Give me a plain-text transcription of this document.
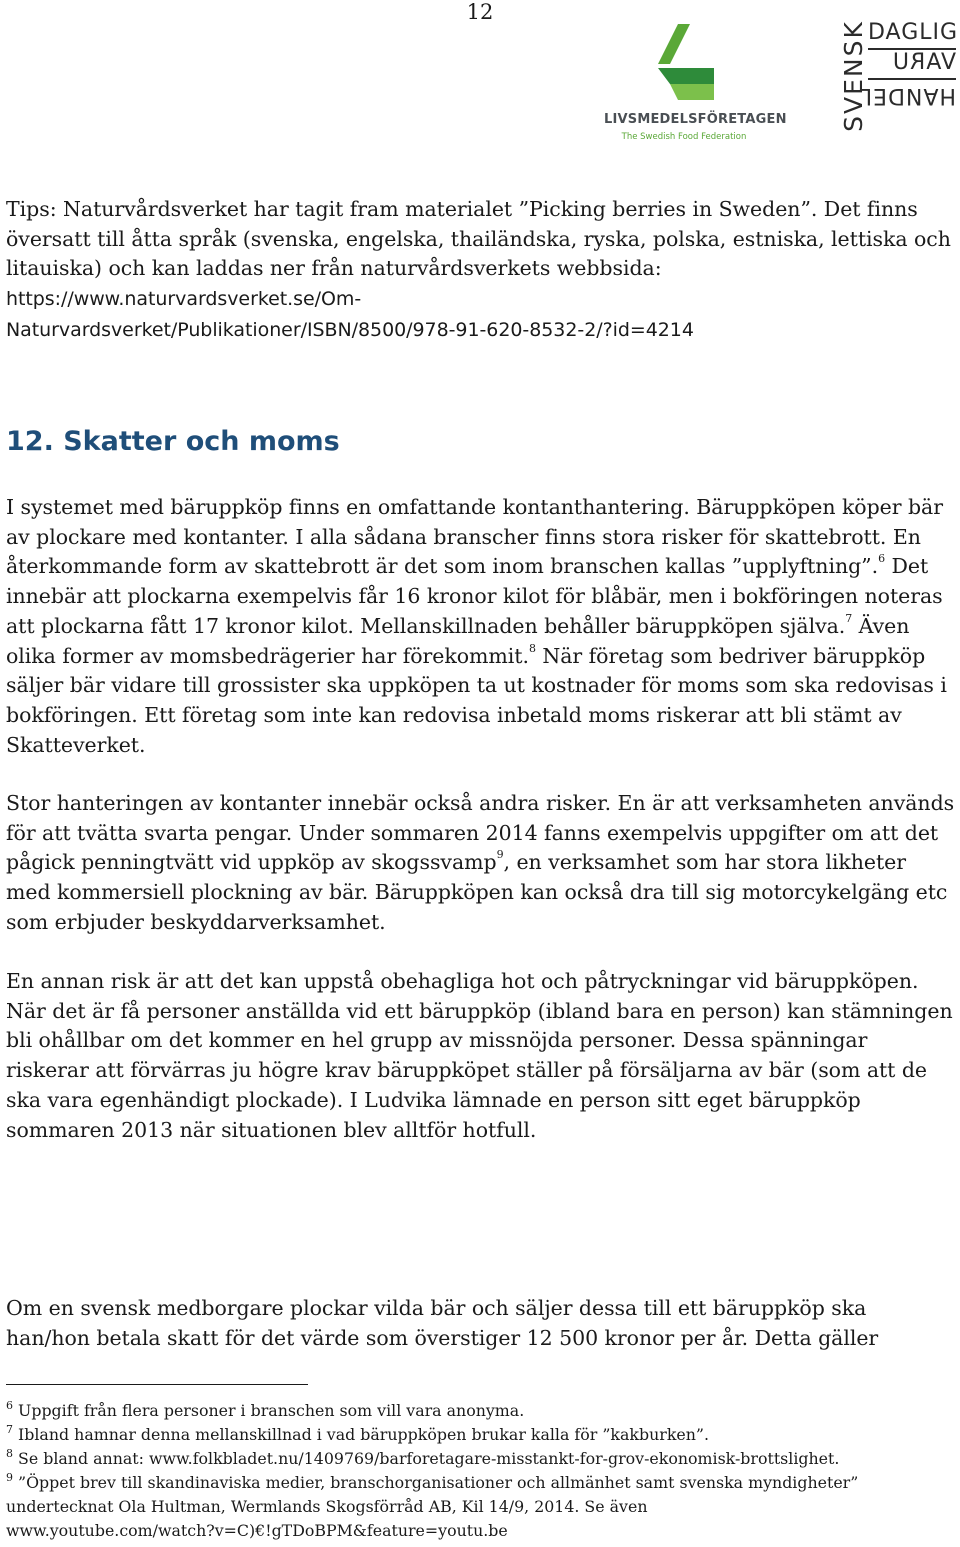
12
LIVSMEDELSFÖRETAGEN
The Swedish Food Federation
SVENSK DAGLIG
VARU
HANDEL

Tips: Naturvårdsverket har tagit fram materialet ”Picking berries in Sweden”. Det finns översatt till åtta språk (svenska, engelska, thailändska, ryska, polska, estniska, lettiska och litauiska) och kan laddas ner från naturvårdsverkets webbsida: https://www.naturvardsverket.se/Om-
Naturvardsverket/Publikationer/ISBN/8500/978-91-620-8532-2/?id=4214

12. Skatter och moms

I systemet med bäruppköp finns en omfattande kontanthantering. Bäruppköpen köper bär av plockare med kontanter. I alla sådana branscher finns stora risker för skattebrott. En återkommande form av skattebrott är det som inom branschen kallas ”upplyftning”.$^6$ Det innebär att plockarna exempelvis får 16 kronor kilot för blåbär, men i bokföringen noteras att plockarna fått 17 kronor kilot. Mellanskillnaden behåller bäruppköpen själva.$^7$ Även olika former av momsbedrägerier har förekommit.$^8$ När företag som bedriver bäruppköp säljer bär vidare till grossister ska uppköpen ta ut kostnader för moms som ska redovisas i bokföringen. Ett företag som inte kan redovisa inbetald moms riskerar att bli stämt av Skatteverket.

Stor hanteringen av kontanter innebär också andra risker. En är att verksamheten används för att tvätta svarta pengar. Under sommaren 2014 fanns exempelvis uppgifter om att det pågick penningtvätt vid uppköp av skogssvamp$^9$, en verksamhet som har stora likheter med kommersiell plockning av bär. Bäruppköpen kan också dra till sig motorcykelgäng etc som erbjuder beskyddarverksamhet.

En annan risk är att det kan uppstå obehagliga hot och påtryckningar vid bäruppköpen. När det är få personer anställda vid ett bäruppköp (ibland bara en person) kan stämningen bli ohållbar om det kommer en hel grupp av missnöjda personer. Dessa spänningar riskerar att förvärras ju högre krav bäruppköpet ställer på försäljarna av bär (som att de ska vara egenhändigt plockade). I Ludvika lämnade en person sitt eget bäruppköp sommaren 2013 när situationen blev alltför hotfull.

Om en svensk medborgare plockar vilda bär och säljer dessa till ett bäruppköp ska han/hon betala skatt för det värde som överstiger 12 500 kronor per år. Detta gäller

$^6$ Uppgift från flera personer i branschen som vill vara anonyma.

$^7$ Ibland hamnar denna mellanskillnad i vad bäruppköpen brukar kalla för ”kakburken”.

$^8$ Se bland annat: www.folkbladet.nu/1409769/barforetagare-misstankt-for-grov-ekonomisk-brottslighet.

$^9$ ”Öppet brev till skandinaviska medier, branschorganisationer och allmänhet samt svenska myndigheter”

undertecknat Ola Hultman, Wermlands Skogsförråd AB, Kil 14/9, 2014. Se även

www.youtube.com/watch?v=C)€!gTDoBPM&feature=youtu.be
